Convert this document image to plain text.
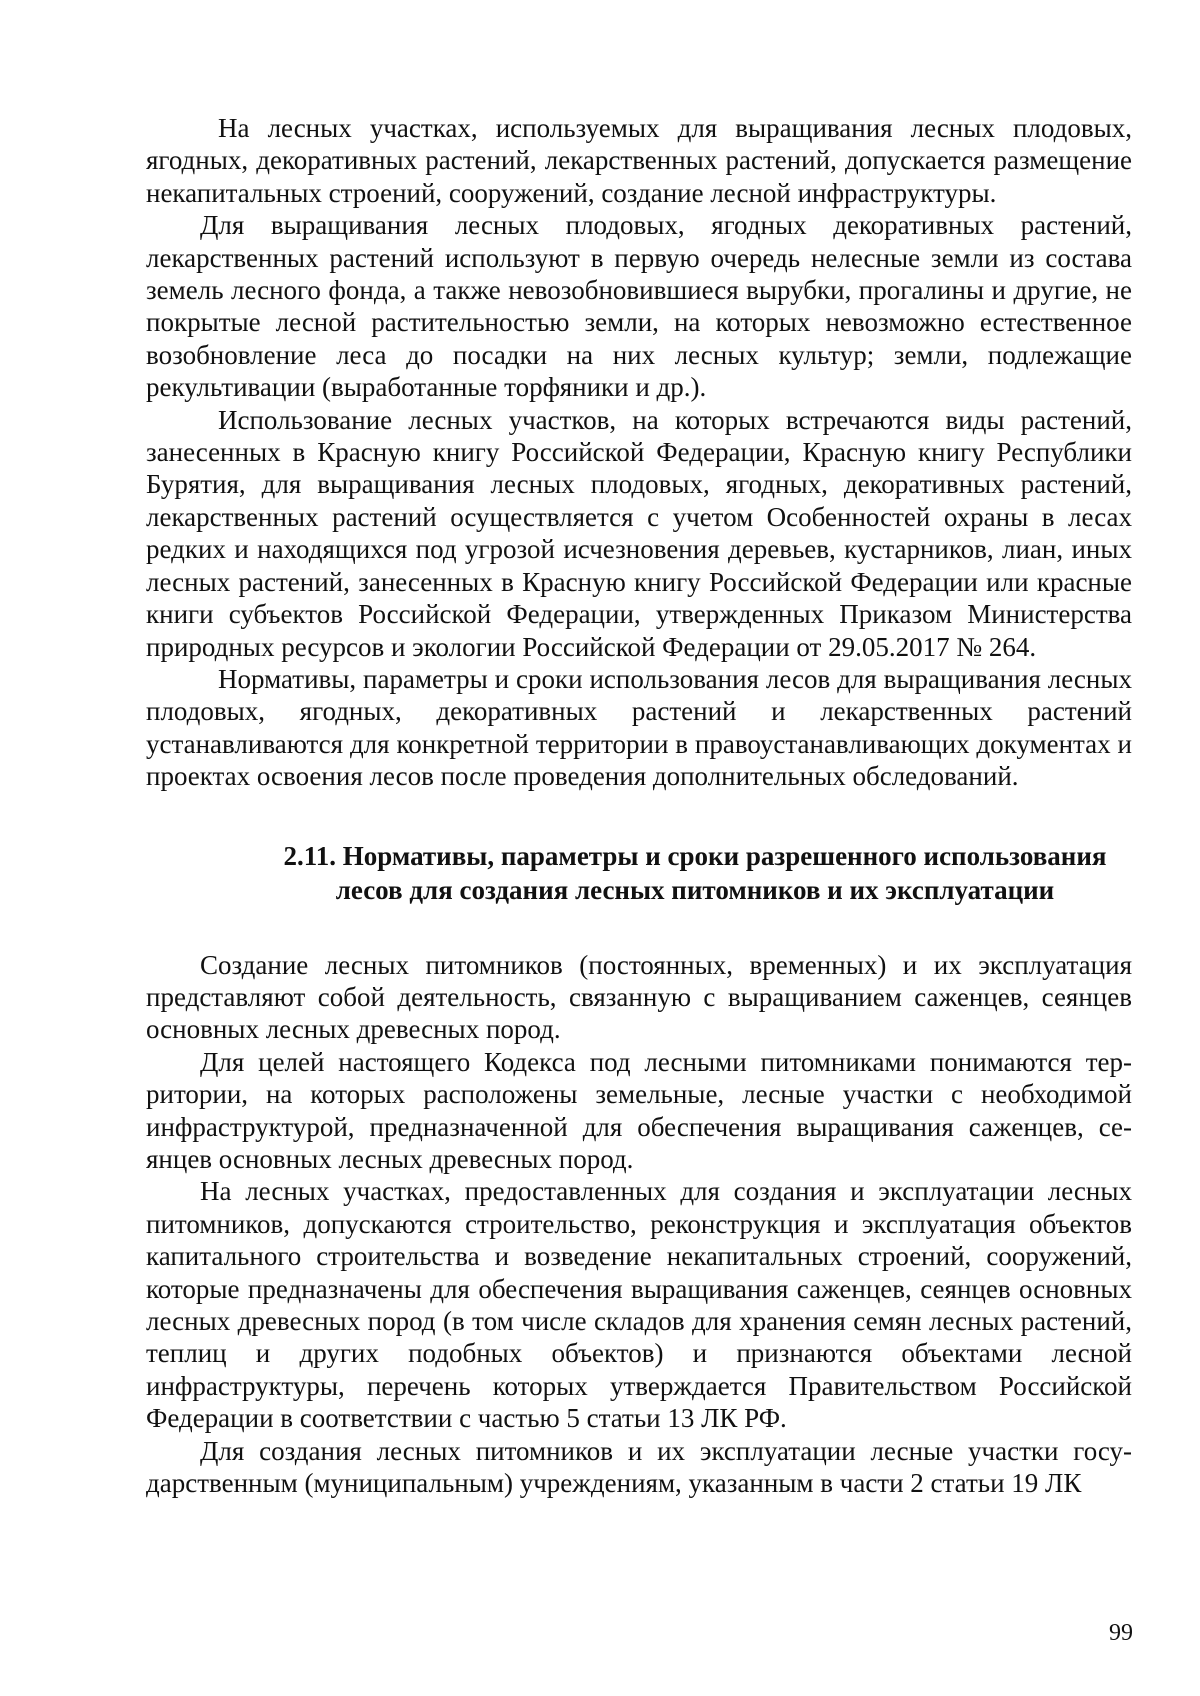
На лесных участках, используемых для выращивания лесных плодовых, ягодных, декоративных растений, лекарственных растений, допускается размещение некапитальных строений, сооружений, создание лесной инфраструктуры.

Для выращивания лесных плодовых, ягодных декоративных растений, лекарственных растений используют в первую очередь нелесные земли из состава земель лесного фонда, а также невозобновившиеся вырубки, прогалины и другие, не покрытые лесной растительностью земли, на которых невозможно естественное возобновление леса до посадки на них лесных культур; земли, подлежащие рекультивации (выработанные торфяники и др.).

Использование лесных участков, на которых встречаются виды растений, занесенных в Красную книгу Российской Федерации, Красную книгу Республики Бурятия, для выращивания лесных плодовых, ягодных, декоративных растений, лекарственных растений осуществляется с учетом Особенностей охраны в лесах редких и находящихся под угрозой исчезновения деревьев, кустарников, лиан, иных лесных растений, занесенных в Красную книгу Российской Федерации или красные книги субъектов Российской Федерации, утвержденных Приказом Министерства природных ресурсов и экологии Российской Федерации от 29.05.2017 № 264.

Нормативы, параметры и сроки использования лесов для выращивания лесных плодовых, ягодных, декоративных растений и лекарственных растений устанавливаются для конкретной территории в правоустанавливающих документах и проектах освоения лесов после проведения дополнительных обследований.

2.11. Нормативы, параметры и сроки разрешенного использования
лесов для создания лесных питомников и их эксплуатации

Создание лесных питомников (постоянных, временных) и их эксплуатация представляют собой деятельность, связанную с выращиванием саженцев, сеянцев основных лесных древесных пород.

Для целей настоящего Кодекса под лесными питомниками понимаются территории, на которых расположены земельные, лесные участки с необходимой инфраструктурой, предназначенной для обеспечения выращивания саженцев, сеянцев основных лесных древесных пород.

На лесных участках, предоставленных для создания и эксплуатации лесных питомников, допускаются строительство, реконструкция и эксплуатация объектов капитального строительства и возведение некапитальных строений, сооружений, которые предназначены для обеспечения выращивания саженцев, сеянцев основных лесных древесных пород (в том числе складов для хранения семян лесных растений, теплиц и других подобных объектов) и признаются объектами лесной инфраструктуры, перечень которых утверждается Правительством Российской Федерации в соответствии с частью 5 статьи 13 ЛК РФ.

Для создания лесных питомников и их эксплуатации лесные участки государственным (муниципальным) учреждениям, указанным в части 2 статьи 19 ЛК

99
